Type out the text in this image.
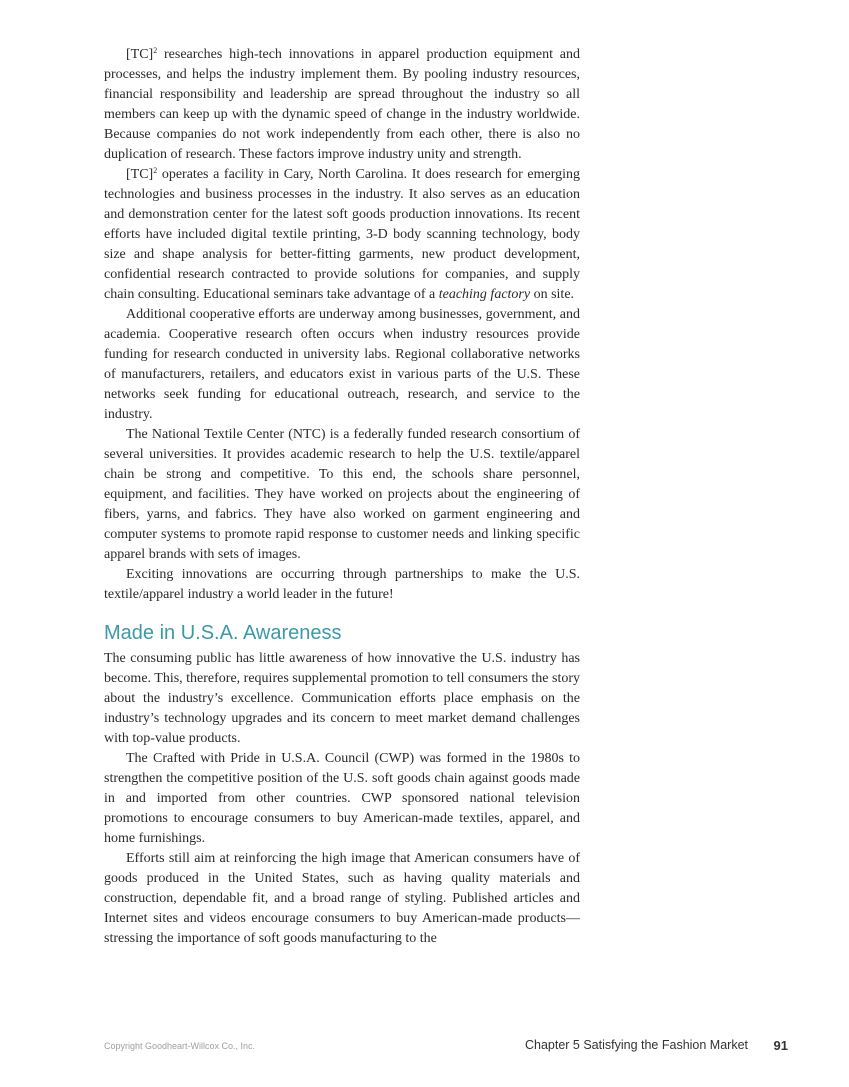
[TC]$^2$ researches high-tech innovations in apparel production equipment and processes, and helps the industry implement them. By pooling industry resources, financial responsibility and leadership are spread throughout the industry so all members can keep up with the dynamic speed of change in the industry worldwide. Because companies do not work independently from each other, there is also no duplication of research. These factors improve industry unity and strength.

[TC]$^2$ operates a facility in Cary, North Carolina. It does research for emerging technologies and business processes in the industry. It also serves as an education and demonstration center for the latest soft goods production innovations. Its recent efforts have included digital textile printing, 3-D body scanning technology, body size and shape analysis for better-fitting garments, new product development, confidential research contracted to provide solutions for companies, and supply chain consulting. Educational seminars take advantage of a teaching factory on site.

Additional cooperative efforts are underway among businesses, government, and academia. Cooperative research often occurs when industry resources provide funding for research conducted in university labs. Regional collaborative networks of manufacturers, retailers, and educators exist in various parts of the U.S. These networks seek funding for educational outreach, research, and service to the industry.

The National Textile Center (NTC) is a federally funded research consortium of several universities. It provides academic research to help the U.S. textile/apparel chain be strong and competitive. To this end, the schools share personnel, equipment, and facilities. They have worked on projects about the engineering of fibers, yarns, and fabrics. They have also worked on garment engineering and computer systems to promote rapid response to customer needs and linking specific apparel brands with sets of images.

Exciting innovations are occurring through partnerships to make the U.S. textile/apparel industry a world leader in the future!

Made in U.S.A. Awareness

The consuming public has little awareness of how innovative the U.S. industry has become. This, therefore, requires supplemental promotion to tell consumers the story about the industry’s excellence. Communication efforts place emphasis on the industry’s technology upgrades and its concern to meet market demand challenges with top-value products.

The Crafted with Pride in U.S.A. Council (CWP) was formed in the 1980s to strengthen the competitive position of the U.S. soft goods chain against goods made in and imported from other countries. CWP sponsored national television promotions to encourage consumers to buy American-made textiles, apparel, and home furnishings.

Efforts still aim at reinforcing the high image that American consumers have of goods produced in the United States, such as having quality materials and construction, dependable fit, and a broad range of styling. Published articles and Internet sites and videos encourage consumers to buy American-made products—stressing the importance of soft goods manufacturing to the

Copyright Goodheart-Willcox Co., Inc.	Chapter 5 Satisfying the Fashion Market 91
